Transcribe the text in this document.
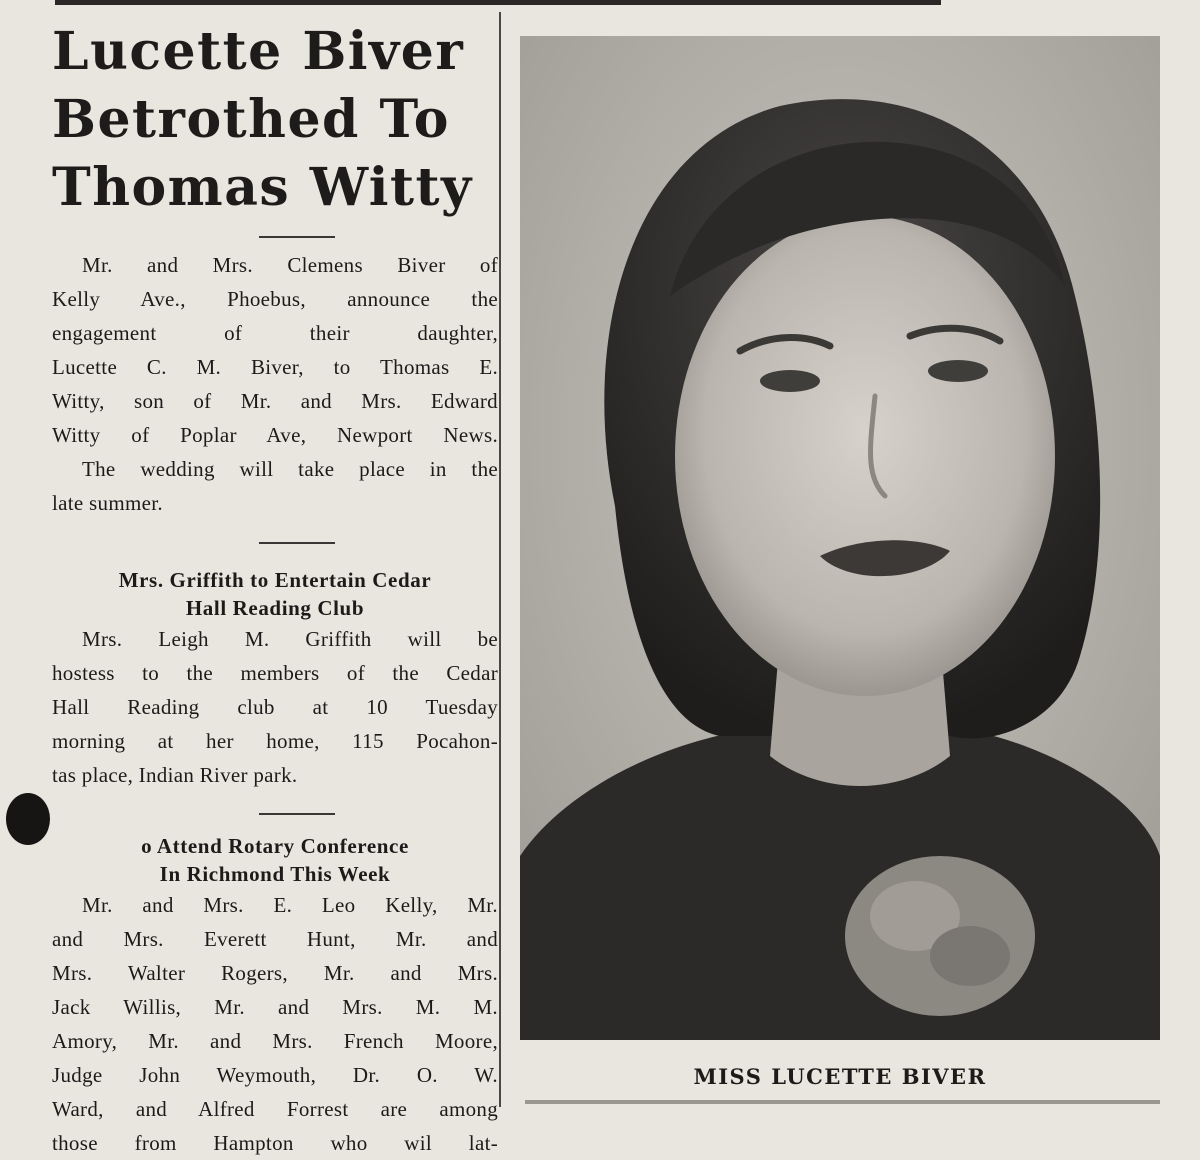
Lucette Biver
Betrothed To
Thomas Witty

Mr. and Mrs. Clemens Biver of
Kelly Ave., Phoebus, announce the
engagement of their daughter,
Lucette C. M. Biver, to Thomas E.
Witty, son of Mr. and Mrs. Edward
Witty of Poplar Ave, Newport News.
The wedding will take place in the
late summer.

Mrs. Griffith to Entertain Cedar
Hall Reading Club

Mrs. Leigh M. Griffith will be
hostess to the members of the Cedar
Hall Reading club at 10 Tuesday
morning at her home, 115 Pocahon-
tas place, Indian River park.

o Attend Rotary Conference
In Richmond This Week

Mr. and Mrs. E. Leo Kelly, Mr.
and Mrs. Everett Hunt, Mr. and
Mrs. Walter Rogers, Mr. and Mrs.
Jack Willis, Mr. and Mrs. M. M.
Amory, Mr. and Mrs. French Moore,
Judge John Weymouth, Dr. O. W.
Ward, and Alfred Forrest are among
those from Hampton who wil lat-

MISS LUCETTE BIVER
